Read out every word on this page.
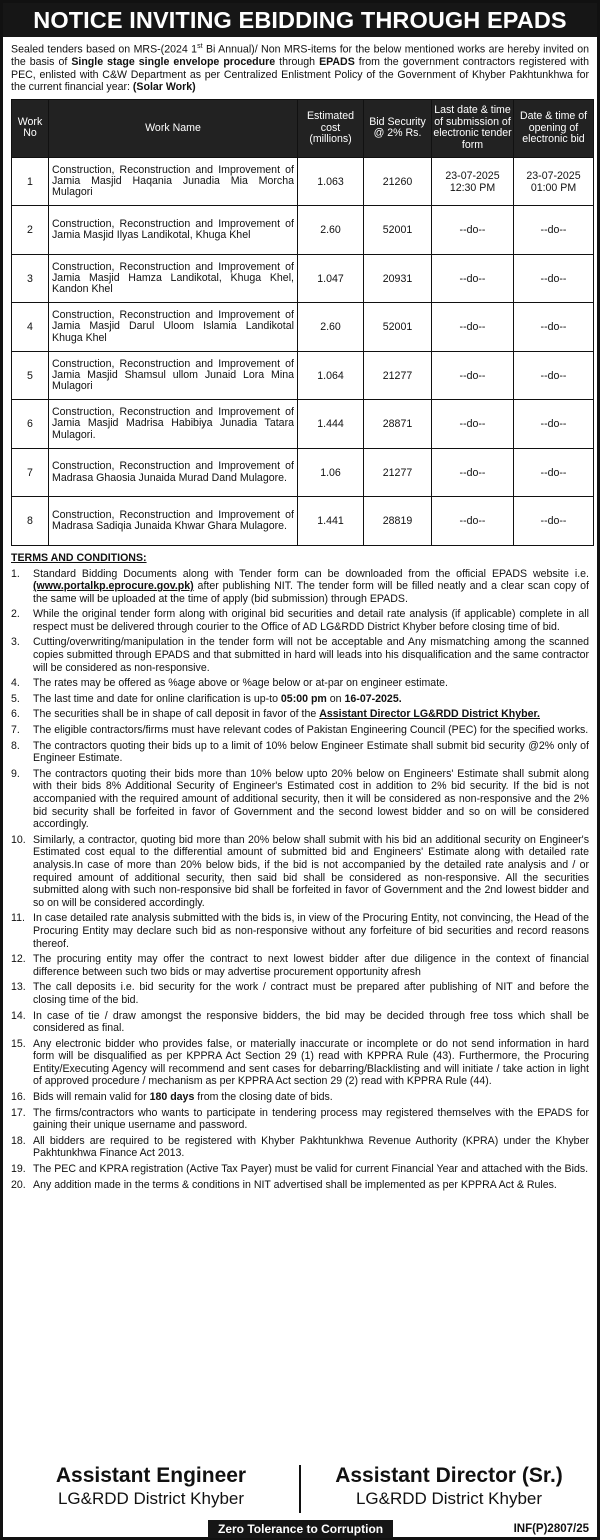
NOTICE INVITING EBIDDING THROUGH EPADS
Sealed tenders based on MRS-(2024 1st Bi Annual)/ Non MRS-items for the below mentioned works are hereby invited on the basis of Single stage single envelope procedure through EPADS from the government contractors registered with PEC, enlisted with C&W Department as per Centralized Enlistment Policy of the Government of Khyber Pakhtunkhwa for the current financial year: (Solar Work)
Work No	Work Name	Estimated cost (millions)	Bid Security @ 2% Rs.	Last date & time of submission of electronic tender form	Date & time of opening of electronic bid
1	Construction, Reconstruction and Improvement of Jamia Masjid Haqania Junadia Mia Morcha Mulagori	1.063	21260	23-07-2025 12:30 PM	23-07-2025 01:00 PM
2	Construction, Reconstruction and Improvement of Jamia Masjid Ilyas Landikotal, Khuga Khel	2.60	52001	--do--	--do--
3	Construction, Reconstruction and Improvement of Jamia Masjid Hamza Landikotal, Khuga Khel, Kandon Khel	1.047	20931	--do--	--do--
4	Construction, Reconstruction and Improvement of Jamia Masjid Darul Uloom Islamia Landikotal Khuga Khel	2.60	52001	--do--	--do--
5	Construction, Reconstruction and Improvement of Jamia Masjid Shamsul ullom Junaid Lora Mina Mulagori	1.064	21277	--do--	--do--
6	Construction, Reconstruction and Improvement of Jamia Masjid Madrisa Habibiya Junadia Tatara Mulagori.	1.444	28871	--do--	--do--
7	Construction, Reconstruction and Improvement of Madrasa Ghaosia Junaida Murad Dand Mulagore.	1.06	21277	--do--	--do--
8	Construction, Reconstruction and Improvement of Madrasa Sadiqia Junaida Khwar Ghara Mulagore.	1.441	28819	--do--	--do--
TERMS AND CONDITIONS:
1.	Standard Bidding Documents along with Tender form can be downloaded from the official EPADS website i.e. (www.portalkp.eprocure.gov.pk) after publishing NIT. The tender form will be filled neatly and a clear scan copy of the same will be uploaded at the time of apply (bid submission) through EPADS.
2.	While the original tender form along with original bid securities and detail rate analysis (if applicable) complete in all respect must be delivered through courier to the Office of AD LG&RDD District Khyber before closing time of bid.
3.	Cutting/overwriting/manipulation in the tender form will not be acceptable and Any mismatching among the scanned copies submitted through EPADS and that submitted in hard will leads into his disqualification and the same contractor will be considered as non-responsive.
4.	The rates may be offered as %age above or %age below or at-par on engineer estimate.
5.	The last time and date for online clarification is up-to 05:00 pm on 16-07-2025.
6.	The securities shall be in shape of call deposit in favor of the Assistant Director LG&RDD District Khyber.
7.	The eligible contractors/firms must have relevant codes of Pakistan Engineering Council (PEC) for the specified works.
8.	The contractors quoting their bids up to a limit of 10% below Engineer Estimate shall submit bid security @2% only of Engineer Estimate.
9.	The contractors quoting their bids more than 10% below upto 20% below on Engineers' Estimate shall submit along with their bids 8% Additional Security of Engineer's Estimated cost in addition to 2% bid security. If the bid is not accompanied with the required amount of additional security, then it will be considered as non-responsive and the 2% bid security shall be forfeited in favor of Government and the second lowest bidder and so on will be considered accordingly.
10. Similarly, a contractor, quoting bid more than 20% below shall submit with his bid an additional security on Engineer's Estimated cost equal to the differential amount of submitted bid and Engineers' Estimate along with detailed rate analysis.In case of more than 20% below bids, if the bid is not accompanied by the detailed rate analysis and / or required amount of additional security, then said bid shall be considered as non-responsive. All the securities submitted along with such non-responsive bid shall be forfeited in favor of Government and the 2nd lowest bidder and so on will be considered accordingly.
11. In case detailed rate analysis submitted with the bids is, in view of the Procuring Entity, not convincing, the Head of the Procuring Entity may declare such bid as non-responsive without any forfeiture of bid securities and record reasons thereof.
12. The procuring entity may offer the contract to next lowest bidder after due diligence in the context of financial difference between such two bids or may advertise procurement opportunity afresh
13. The call deposits i.e. bid security for the work / contract must be prepared after publishing of NIT and before the closing time of the bid.
14. In case of tie / draw amongst the responsive bidders, the bid may be decided through free toss which shall be considered as final.
15. Any electronic bidder who provides false, or materially inaccurate or incomplete or do not send information in hard form will be disqualified as per KPPRA Act Section 29 (1) read with KPPRA Rule (43). Furthermore, the Procuring Entity/Executing Agency will recommend and sent cases for debarring/Blacklisting and will initiate / take action in light of approved procedure / mechanism as per KPPRA Act section 29 (2) read with KPPRA Rule (44).
16. Bids will remain valid for 180 days from the closing date of bids.
17. The firms/contractors who wants to participate in tendering process may registered themselves with the EPADS for gaining their unique username and password.
18. All bidders are required to be registered with Khyber Pakhtunkhwa Revenue Authority (KPRA) under the Khyber Pakhtunkhwa Finance Act 2013.
19. The PEC and KPRA registration (Active Tax Payer) must be valid for current Financial Year and attached with the Bids.
20. Any addition made in the terms & conditions in NIT advertised shall be implemented as per KPPRA Act & Rules.
Assistant Engineer
LG&RDD District Khyber
Assistant Director (Sr.)
LG&RDD District Khyber
Zero Tolerance to Corruption	INF(P)2807/25
